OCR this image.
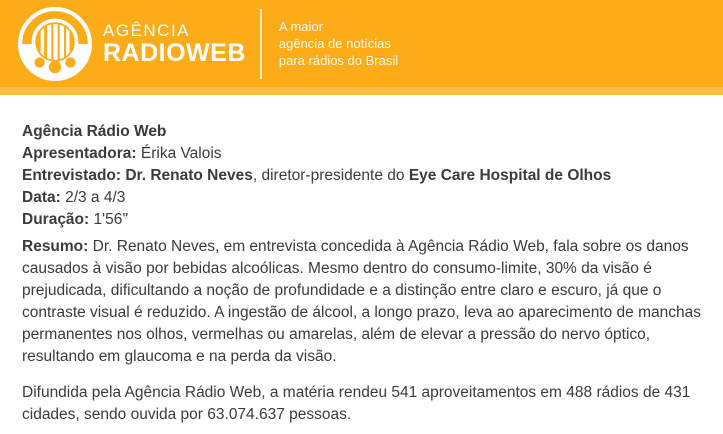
AGÊNCIA
RADIOWEB
A maior
agência de notícias
para rádios do Brasil
Agência Rádio Web
Apresentadora: Érika Valois
Entrevistado: Dr. Renato Neves, diretor-presidente do Eye Care Hospital de Olhos
Data: 2/3 a 4/3
Duração: 1'56''

Resumo: Dr. Renato Neves, em entrevista concedida à Agência Rádio Web, fala sobre os danos causados à visão por bebidas alcoólicas. Mesmo dentro do consumo-limite, 30% da visão é prejudicada, dificultando a noção de profundidade e a distinção entre claro e escuro, já que o contraste visual é reduzido. A ingestão de álcool, a longo prazo, leva ao aparecimento de manchas permanentes nos olhos, vermelhas ou amarelas, além de elevar a pressão do nervo óptico, resultando em glaucoma e na perda da visão.

Difundida pela Agência Rádio Web, a matéria rendeu 541 aproveitamentos em 488 rádios de 431 cidades, sendo ouvida por 63.074.637 pessoas.
